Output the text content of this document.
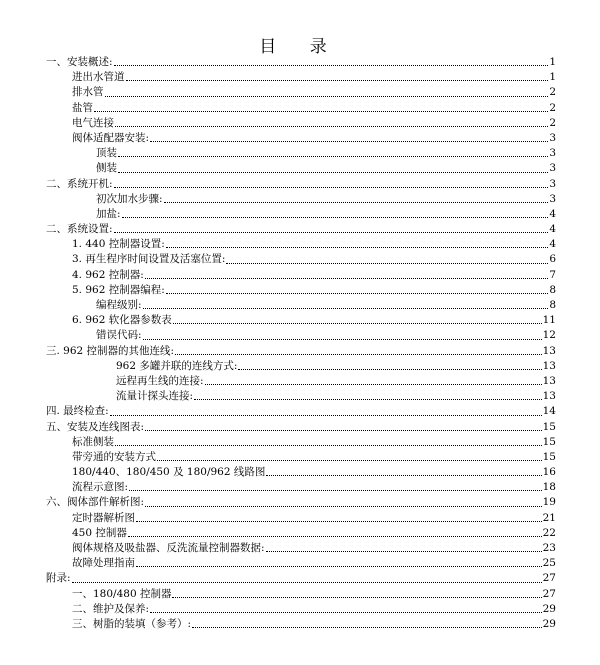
目 录
一、安装概述:	1
进出水管道	1
排水管	2
盐管	2
电气连接	2
阀体适配器安装:	3
顶装	3
侧装	3
二、系统开机:	3
初次加水步骤:	3
加盐:	4
二、系统设置:	4
1. 440 控制器设置:	4
3. 再生程序时间设置及活塞位置:	6
4. 962 控制器:	7
5. 962 控制器编程:	8
编程级别:	8
6. 962 软化器参数表	11
错误代码:	12
三. 962 控制器的其他连线:	13
962 多罐并联的连线方式:	13
远程再生线的连接:	13
流量计探头连接:	13
四. 最终检查:	14
五、安装及连线图表:	15
标准侧装	15
带旁通的安装方式	15
180/440、180/450 及 180/962 线路图	16
流程示意图:	18
六、阀体部件解析图:	19
定时器解析图	21
450 控制器	22
阀体规格及吸盐器、反洗流量控制器数据:	23
故障处理指南	25
附录:	27
一、180/480 控制器	27
二、维护及保养:	29
三、树脂的装填（参考）:	29
